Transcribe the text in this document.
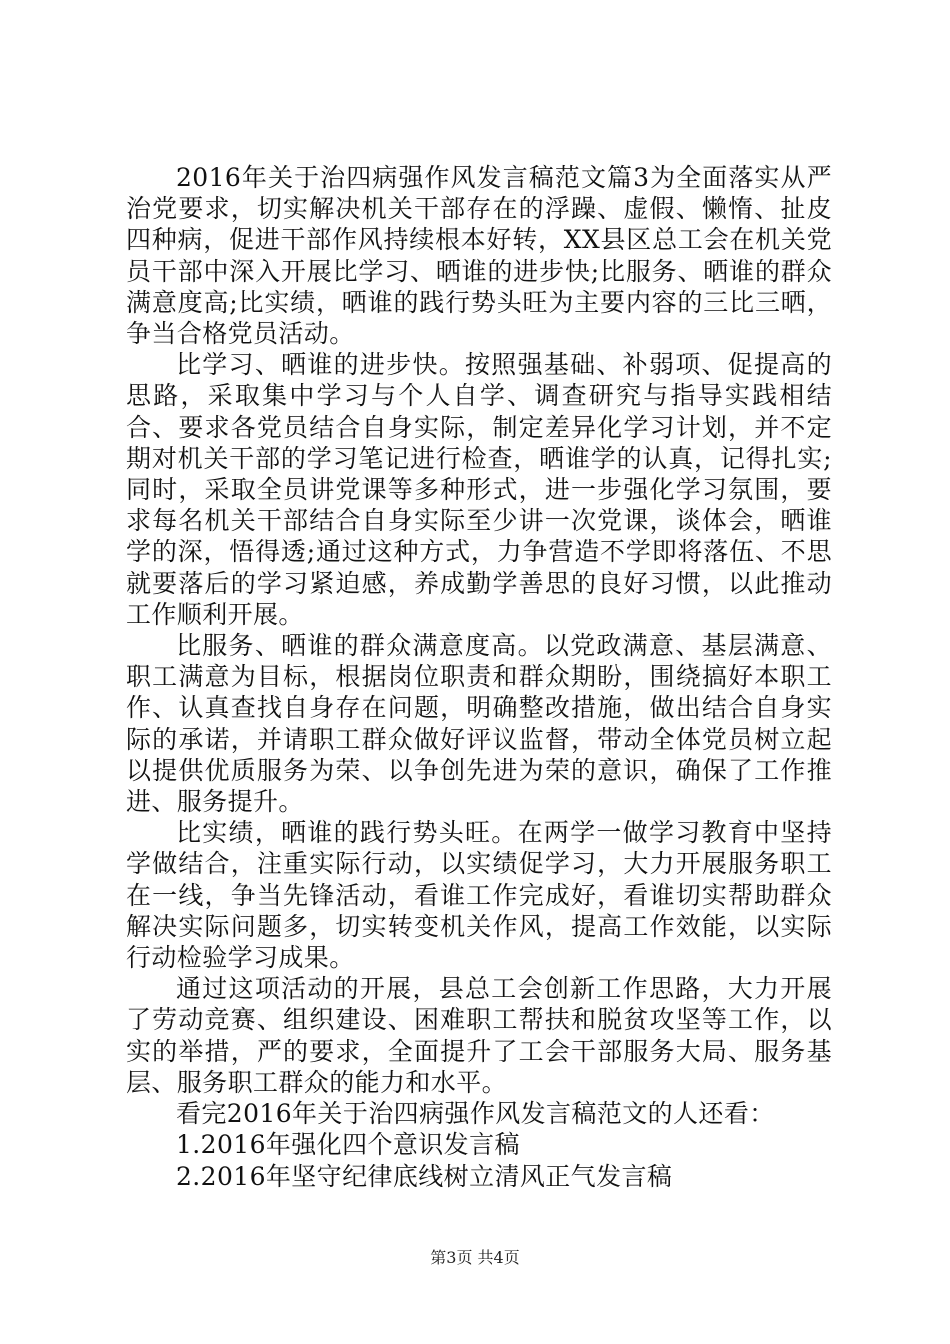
2016年关于治四病强作风发言稿范文篇3为全面落实从严治党要求，切实解决机关干部存在的浮躁、虚假、懒惰、扯皮四种病，促进干部作风持续根本好转，XX县区总工会在机关党员干部中深入开展比学习、晒谁的进步快;比服务、晒谁的群众满意度高;比实绩，晒谁的践行势头旺为主要内容的三比三晒，争当合格党员活动。

比学习、晒谁的进步快。按照强基础、补弱项、促提高的思路，采取集中学习与个人自学、调查研究与指导实践相结合、要求各党员结合自身实际，制定差异化学习计划，并不定期对机关干部的学习笔记进行检查，晒谁学的认真，记得扎实;同时，采取全员讲党课等多种形式，进一步强化学习氛围，要求每名机关干部结合自身实际至少讲一次党课，谈体会，晒谁学的深，悟得透;通过这种方式，力争营造不学即将落伍、不思就要落后的学习紧迫感，养成勤学善思的良好习惯，以此推动工作顺利开展。

比服务、晒谁的群众满意度高。以党政满意、基层满意、职工满意为目标，根据岗位职责和群众期盼，围绕搞好本职工作、认真查找自身存在问题，明确整改措施，做出结合自身实际的承诺，并请职工群众做好评议监督，带动全体党员树立起以提供优质服务为荣、以争创先进为荣的意识，确保了工作推进、服务提升。

比实绩，晒谁的践行势头旺。在两学一做学习教育中坚持学做结合，注重实际行动，以实绩促学习，大力开展服务职工在一线，争当先锋活动，看谁工作完成好，看谁切实帮助群众解决实际问题多，切实转变机关作风，提高工作效能，以实际行动检验学习成果。

通过这项活动的开展，县总工会创新工作思路，大力开展了劳动竞赛、组织建设、困难职工帮扶和脱贫攻坚等工作，以实的举措，严的要求，全面提升了工会干部服务大局、服务基层、服务职工群众的能力和水平。

看完2016年关于治四病强作风发言稿范文的人还看：

1.2016年强化四个意识发言稿

2.2016年坚守纪律底线树立清风正气发言稿

第3页 共4页
